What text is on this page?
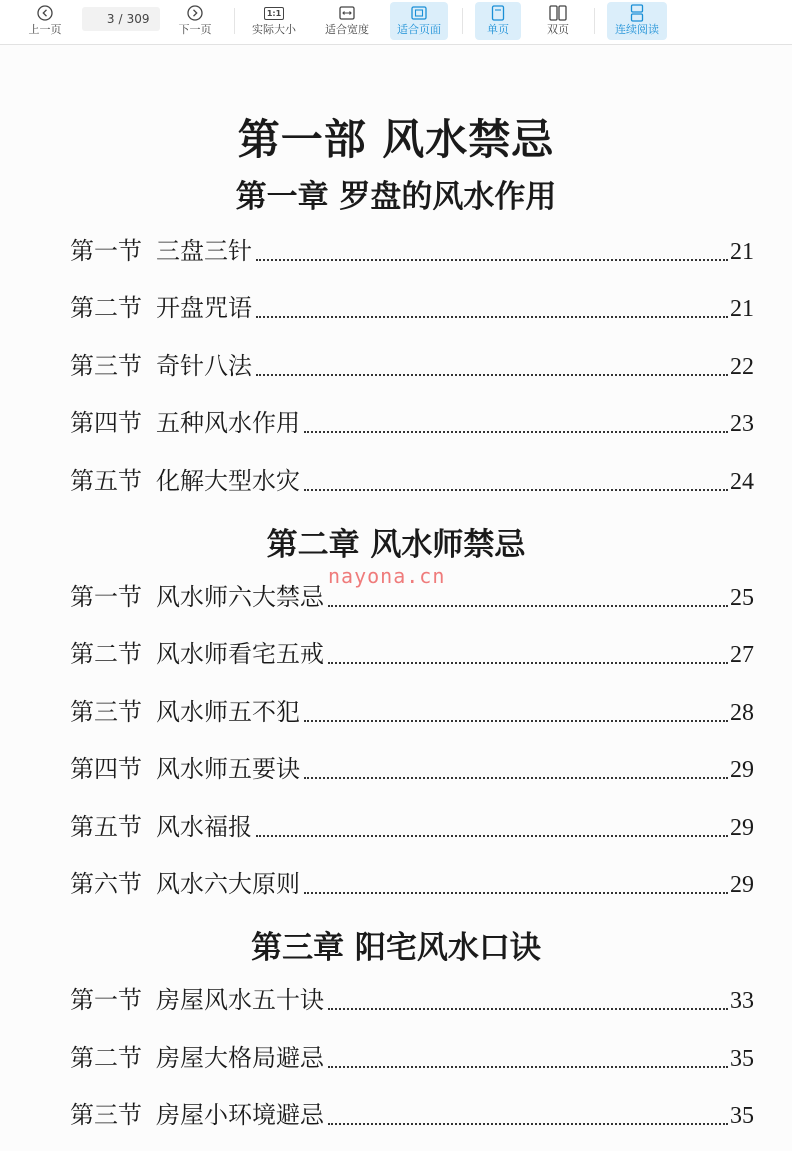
上一页
3
/ 309
下一页
1:1
实际大小	适合宽度	适合页面	单页	双页	连续阅读
第一部 风水禁忌
第一章 罗盘的风水作用
第一节 三盘三针	21
第二节 开盘咒语	21
第三节 奇针八法	22
第四节 五种风水作用	23
第五节 化解大型水灾	24
第二章 风水师禁忌
第一节 风水师六大禁忌	25
第二节 风水师看宅五戒	27
第三节 风水师五不犯	28
第四节 风水师五要诀	29
第五节 风水福报	29
第六节 风水六大原则	29
第三章 阳宅风水口诀
第一节 房屋风水五十诀	33
第二节 房屋大格局避忌	35
第三节 房屋小环境避忌	35
nayona.cn
